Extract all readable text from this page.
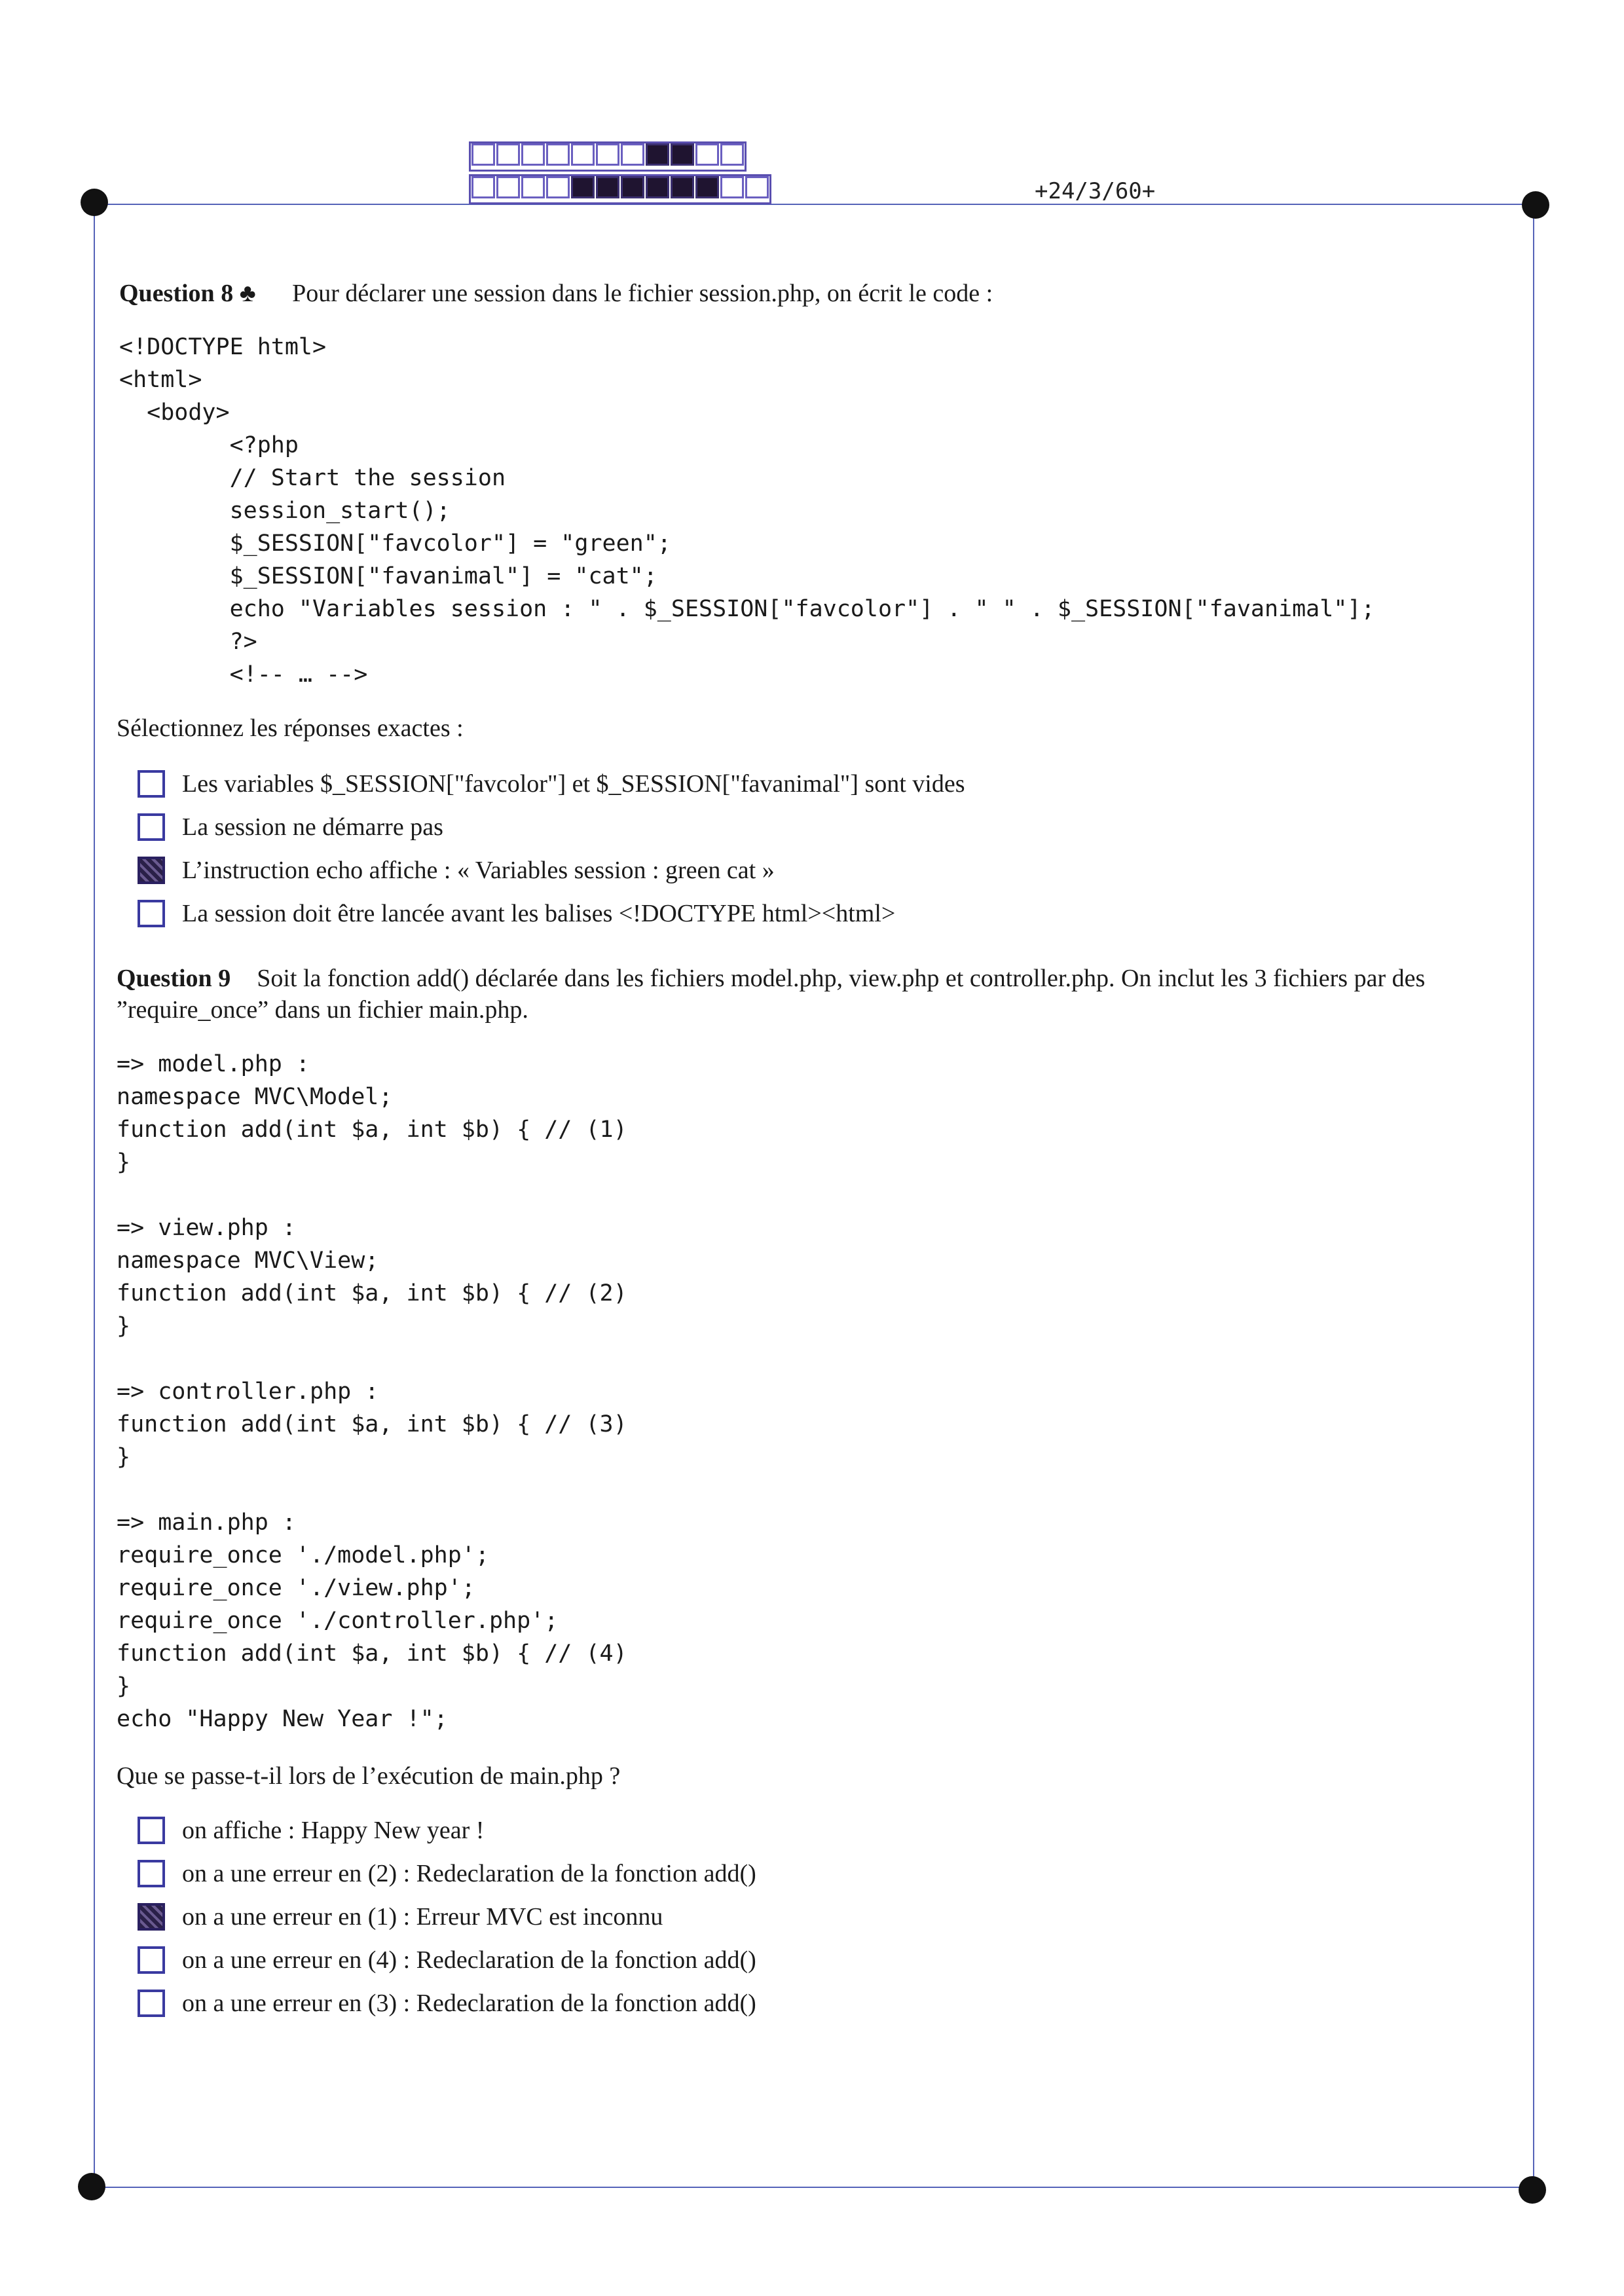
+24/3/60+
Question 8 ♣ Pour déclarer une session dans le fichier session.php, on écrit le code :
<!DOCTYPE html>
<html>
<body>
<?php
// Start the session
session_start();
$_SESSION["favcolor"] = "green";
$_SESSION["favanimal"] = "cat";
echo "Variables session : " . $_SESSION["favcolor"] . " " . $_SESSION["favanimal"];
?>
<!-- … -->
Sélectionnez les réponses exactes :
Les variables $_SESSION["favcolor"] et $_SESSION["favanimal"] sont vides
La session ne démarre pas
L’instruction echo affiche : « Variables session : green cat »
La session doit être lancée avant les balises <!DOCTYPE html><html>
Question 9 Soit la fonction add() déclarée dans les fichiers model.php, view.php et controller.php. On inclut les 3 fichiers par des ”require_once” dans un fichier main.php.
=> model.php :
namespace MVC\Model;
function add(int $a, int $b) { // (1)
}

=> view.php :
namespace MVC\View;
function add(int $a, int $b) { // (2)
}

=> controller.php :
function add(int $a, int $b) { // (3)
}

=> main.php :
require_once './model.php';
require_once './view.php';
require_once './controller.php';
function add(int $a, int $b) { // (4)
}
echo "Happy New Year !";
Que se passe-t-il lors de l’exécution de main.php ?
on affiche : Happy New year !
on a une erreur en (2) : Redeclaration de la fonction add()
on a une erreur en (1) : Erreur MVC est inconnu
on a une erreur en (4) : Redeclaration de la fonction add()
on a une erreur en (3) : Redeclaration de la fonction add()
